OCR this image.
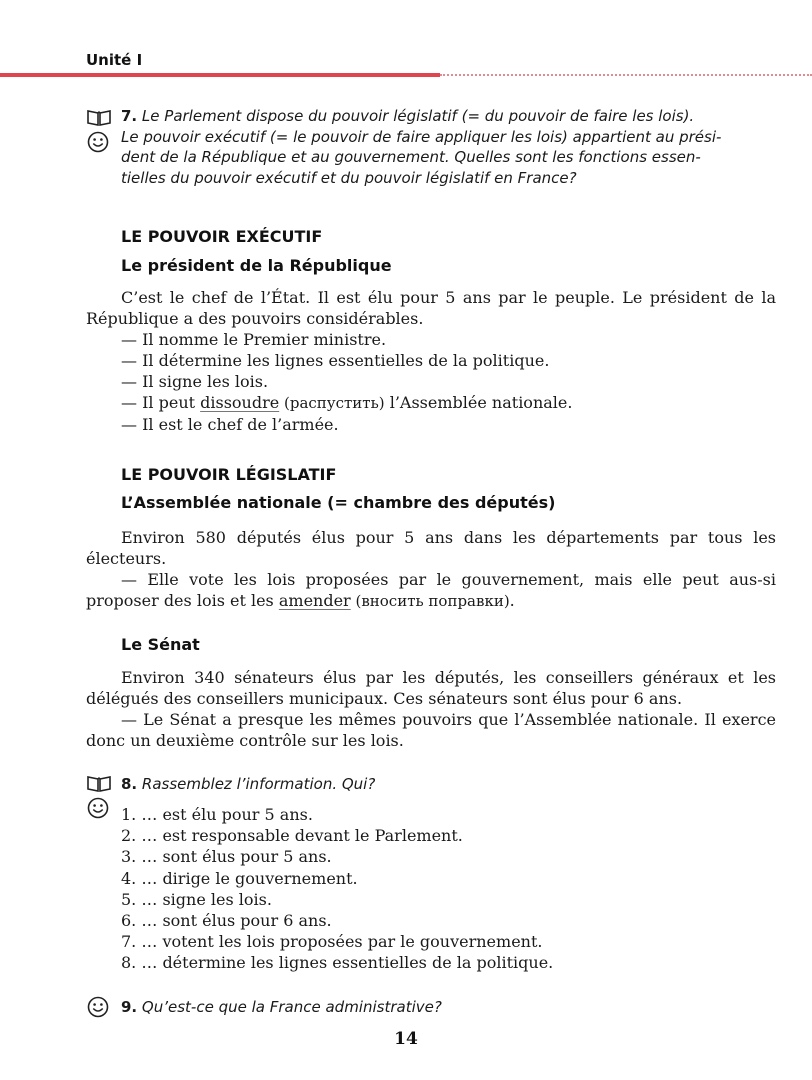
Unité I

7. Le Parlement dispose du pouvoir législatif (= du pouvoir de faire les lois).

Le pouvoir exécutif (= le pouvoir de faire appliquer les lois) appartient au prési-

dent de la République et au gouvernement. Quelles sont les fonctions essen-

tielles du pouvoir exécutif et du pouvoir législatif en France?

LE POUVOIR EXÉCUTIF
Le président de la République

C’est le chef de l’État. Il est élu pour 5 ans par le peuple. Le président de la République a des pouvoirs considérables.

— Il nomme le Premier ministre.

— Il détermine les lignes essentielles de la politique.

— Il signe les lois.

— Il peut dissoudre (распустить) l’Assemblée nationale.

— Il est le chef de l’armée.

LE POUVOIR LÉGISLATIF
L’Assemblée nationale (= chambre des députés)

Environ 580 députés élus pour 5 ans dans les départements par tous les électeurs.

— Elle vote les lois proposées par le gouvernement, mais elle peut aus-si proposer des lois et les amender (вносить поправки).

Le Sénat

Environ 340 sénateurs élus par les députés, les conseillers généraux et les délégués des conseillers municipaux. Ces sénateurs sont élus pour 6 ans.

— Le Sénat a presque les mêmes pouvoirs que l’Assemblée nationale. Il exerce donc un deuxième contrôle sur les lois.

8. Rassemblez l’information. Qui?

1. … est élu pour 5 ans.
2. … est responsable devant le Parlement.
3. … sont élus pour 5 ans.
4. … dirige le gouvernement.
5. … signe les lois.
6. … sont élus pour 6 ans.
7. … votent les lois proposées par le gouvernement.
8. … détermine les lignes essentielles de la politique.

9. Qu’est-ce que la France administrative?

14
